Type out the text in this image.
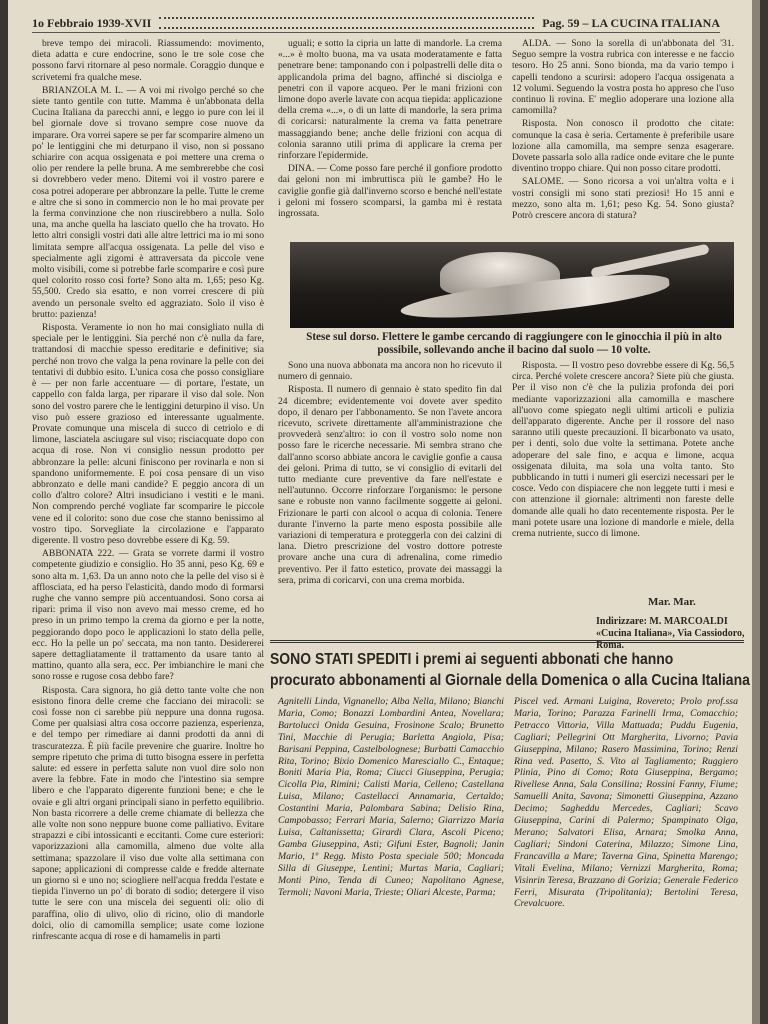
1o Febbraio 1939-XVII	Pag. 59 – LA CUCINA ITALIANA

breve tempo dei miracoli. Riassumendo: movimento, dieta adatta e cure endocrine, sono le tre sole cose che possono farvi ritornare al peso normale. Coraggio dunque e scrivetemi fra qualche mese.

BRIANZOLA M. L. — A voi mi rivolgo perché so che siete tanto gentile con tutte. Mamma è un'abbonata della Cucina Italiana da parecchi anni, e leggo io pure con lei il bel giornale dove si trovano sempre cose nuove da imparare. Ora vorrei sapere se per far scomparire almeno un po' le lentiggini che mi deturpano il viso, non si possano schiarire con acqua ossigenata e poi mettere una crema o olio per rendere la pelle bruna. A me sembrerebbe che così si dovrebbero veder meno. Ditemi voi il vostro parere e cosa potrei adoperare per abbronzare la pelle. Tutte le creme e altre che si sono in commercio non le ho mai provate per la ferma convinzione che non riuscirebbero a nulla. Solo una, ma anche quella ha lasciato quello che ha trovato. Ho letto altri consigli vostri dati alle altre lettrici ma io mi sono limitata sempre all'acqua ossigenata. La pelle del viso e specialmente agli zigomi è attraversata da piccole vene molto visibili, come si potrebbe farle scomparire e così pure quel colorito rosso così forte? Sono alta m. 1,65; peso Kg. 55,500. Credo sia esatto, e non vorrei crescere di più avendo un personale svelto ed aggraziato. Solo il viso è brutto: pazienza!

Risposta. Veramente io non ho mai consigliato nulla di speciale per le lentiggini. Sia perché non c'è nulla da fare, trattandosi di macchie spesso ereditarie e definitive; sia perché non trovo che valga la pena rovinare la pelle con dei tentativi di dubbio esito. L'unica cosa che posso consigliare è — per non farle accentuare — di portare, l'estate, un cappello con falda larga, per riparare il viso dal sole. Non sono del vostro parere che le lentiggini deturpino il viso. Un viso può essere grazioso ed interessante ugualmente. Provate comunque una miscela di succo di cetriolo e di limone, lasciatela asciugare sul viso; risciacquate dopo con acqua di rose. Non vi consiglio nessun prodotto per abbronzare la pelle: alcuni finiscono per rovinarla e non si spandono uniformemente. E poi cosa pensare di un viso abbronzato e delle mani candide? E peggio ancora di un collo d'altro colore? Altri insudiciano i vestiti e le mani. Non comprendo perché vogliate far scomparire le piccole vene ed il colorito: sono due cose che stanno benissimo al vostro tipo. Sorvegliate la circolazione e l'apparato digerente. Il vostro peso dovrebbe essere di Kg. 59.

ABBONATA 222. — Grata se vorrete darmi il vostro competente giudizio e consiglio. Ho 35 anni, peso Kg. 69 e sono alta m. 1,63. Da un anno noto che la pelle del viso si è afflosciata, ed ha perso l'elasticità, dando modo di formarsi rughe che vanno sempre più accentuandosi. Sono corsa ai ripari: prima il viso non avevo mai messo creme, ed ho preso in un primo tempo la crema da giorno e per la notte, peggiorando dopo poco le applicazioni lo stato della pelle, ecc. Ho la pelle un po' seccata, ma non tanto. Desidererei sapere dettagliatamente il trattamento da usare tanto al mattino, quanto alla sera, ecc. Per imbianchire le mani che sono rosse e rugose cosa debbo fare?

Risposta. Cara signora, ho già detto tante volte che non esistono finora delle creme che facciano dei miracoli: se così fosse non ci sarebbe più neppure una donna rugosa. Come per qualsiasi altra cosa occorre pazienza, esperienza, e del tempo per rimediare ai danni prodotti da anni di trascuratezza. È più facile prevenire che guarire. Inoltre ho sempre ripetuto che prima di tutto bisogna essere in perfetta salute: ed essere in perfetta salute non vuol dire solo non avere la febbre. Fate in modo che l'intestino sia sempre libero e che l'apparato digerente funzioni bene; e che le ovaie e gli altri organi principali siano in perfetto equilibrio. Non basta ricorrere a delle creme chiamate di bellezza che alle volte non sono neppure buone come palliativo. Evitare strapazzi e cibi intossicanti e eccitanti. Come cure esteriori: vaporizzazioni alla camomilla, almeno due volte alla settimana; spazzolare il viso due volte alla settimana con sapone; applicazioni di compresse calde e fredde alternate un giorno sì e uno no; sciogliere nell'acqua fredda l'estate e tiepida l'inverno un po' di borato di sodio; detergere il viso tutte le sere con una miscela dei seguenti oli: olio di paraffina, olio di ulivo, olio di ricino, olio di mandorle dolci, olio di camomilla semplice; usate come lozione rinfrescante acqua di rose e di hamamelis in parti

uguali; e sotto la cipria un latte di mandorle. La crema «...» è molto buona, ma va usata moderatamente e fatta penetrare bene: tamponando con i polpastrelli delle dita o applicandola prima del bagno, affinché si disciolga e penetri con il vapore acqueo. Per le mani frizioni con limone dopo averle lavate con acqua tiepida: applicazione della crema «...», o di un latte di mandorle, la sera prima di coricarsi: naturalmente la crema va fatta penetrare massaggiando bene; anche delle frizioni con acqua di colonia saranno utili prima di applicare la crema per rinforzare l'epidermide.

DINA. — Come posso fare perché il gonfiore prodotto dai geloni non mi imbruttisca più le gambe? Ho le caviglie gonfie già dall'inverno scorso e benché nell'estate i geloni mi fossero scomparsi, la gamba mi è restata ingrossata.

ALDA. — Sono la sorella di un'abbonata del '31. Seguo sempre la vostra rubrica con interesse e ne faccio tesoro. Ho 25 anni. Sono bionda, ma da vario tempo i capelli tendono a scurirsi: adopero l'acqua ossigenata a 12 volumi. Seguendo la vostra posta ho appreso che l'uso continuo li rovina. E' meglio adoperare una lozione alla camomilla?

Risposta. Non conosco il prodotto che citate: comunque la casa è seria. Certamente è preferibile usare lozione alla camomilla, ma sempre senza esagerare. Dovete passarla solo alla radice onde evitare che le punte diventino troppo chiare. Qui non posso citare prodotti.

SALOME. — Sono ricorsa a voi un'altra volta e i vostri consigli mi sono stati preziosi! Ho 15 anni e mezzo, sono alta m. 1,61; peso Kg. 54. Sono giusta? Potrò crescere ancora di statura?

Stese sul dorso. Flettere le gambe cercando di raggiungere con le ginocchia il più in alto possibile, sollevando anche il bacino dal suolo — 10 volte.

Sono una nuova abbonata ma ancora non ho ricevuto il numero di gennaio.

Risposta. Il numero di gennaio è stato spedito fin dal 24 dicembre; evidentemente voi dovete aver spedito dopo, il denaro per l'abbonamento. Se non l'avete ancora ricevuto, scrivete direttamente all'amministrazione che provvederà senz'altro: io con il vostro solo nome non posso fare le ricerche necessarie. Mi sembra strano che dall'anno scorso abbiate ancora le caviglie gonfie a causa dei geloni. Prima di tutto, se vi consiglio di evitarli del tutto mediante cure preventive da fare nell'estate e nell'autunno. Occorre rinforzare l'organismo: le persone sane e robuste non vanno facilmente soggette ai geloni. Frizionare le parti con alcool o acqua di colonia. Tenere durante l'inverno la parte meno esposta possibile alle variazioni di temperatura e proteggerla con dei calzini di lana. Dietro prescrizione del vostro dottore potreste provare anche una cura di adrenalina, come rimedio preventivo. Per il fatto estetico, provate dei massaggi la sera, prima di coricarvi, con una crema morbida.

Risposta. — Il vostro peso dovrebbe essere di Kg. 56,5 circa. Perché volete crescere ancora? Siete più che giusta. Per il viso non c'è che la pulizia profonda dei pori mediante vaporizzazioni alla camomilla e maschere all'uovo come spiegato negli ultimi articoli e pulizia dell'apparato digerente. Anche per il rossore del naso saranno utili queste precauzioni. Il bicarbonato va usato, per i denti, solo due volte la settimana. Potete anche adoperare del sale fino, e acqua e limone, acqua ossigenata diluita, ma sola una volta tanto. Sto pubblicando in tutti i numeri gli esercizi necessari per le cosce. Vedo con dispiacere che non leggete tutti i mesi e con attenzione il giornale: altrimenti non fareste delle domande alle quali ho dato recentemente risposta. Per le mani potete usare una lozione di mandorle e miele, della crema nutriente, succo di limone.

Mar. Mar.
Indirizzare: M. MARCOALDI «Cucina Italiana», Via Cassiodoro, Roma.
SONO STATI SPEDITI i premi ai seguenti abbonati che hanno
procurato abbonamenti al Giornale della Domenica o alla Cucina Italiana
Agnitelli Linda, Vignanello; Alba Nella, Milano; Bianchi Maria, Como; Bonazzi Lombardini Antea, Novellara; Bartolucci Onida Gesuina, Frosinone Scalo; Brunetto Tini, Macchie di Perugia; Barletta Angiola, Pisa; Barisani Peppina, Castelbolognese; Burbatti Camacchio Rita, Torino; Bixio Domenico Maresciallo C., Entaque; Boniti Maria Pia, Roma; Ciucci Giuseppina, Perugia; Cicolla Pia, Rimini; Calisti Maria, Celleno; Castellana Luisa, Milano; Castellacci Annamaria, Certaldo; Costantini Maria, Palombara Sabina; Delisio Rina, Campobasso; Ferrari Maria, Salerno; Giarrizzo Maria Luisa, Caltanissetta; Girardi Clara, Ascoli Piceno; Gamba Giuseppina, Asti; Gifuni Ester, Bagnoli; Janin Mario, 1º Regg. Misto Posta speciale 500; Moncada Silla di Giuseppe, Lentini; Murtas Maria, Cagliari; Monti Pino, Tenda di Cuneo; Napolitano Agnese, Termoli; Navoni Maria, Trieste; Oliari Alceste, Parma;
Piscel ved. Armani Luigina, Rovereto; Prolo prof.ssa Maria, Torino; Parazza Farinelli Irma, Comacchio; Petracco Vittoria, Villa Mattuada; Puddu Eugenia, Cagliari; Pellegrini Ott Margherita, Livorno; Pavia Giuseppina, Milano; Rasero Massimina, Torino; Renzi Rina ved. Pasetto, S. Vito al Tagliamento; Ruggiero Plinia, Pino di Como; Rota Giuseppina, Bergamo; Rivellese Anna, Sala Consilina; Rossini Fanny, Fiume; Samuelli Anita, Savona; Simonetti Giuseppina, Azzano Decimo; Sagheddu Mercedes, Cagliari; Scavo Giuseppina, Carini di Palermo; Spampinato Olga, Merano; Salvatori Elisa, Arnara; Smolka Anna, Cagliari; Sindoni Caterina, Milazzo; Simone Lina, Francavilla a Mare; Taverna Gina, Spinetta Marengo; Vitali Evelina, Milano; Vernizzi Margherita, Roma; Visinrin Teresa, Brazzano di Gorizia; Generale Federico Ferri, Misurata (Tripolitania); Bertolini Teresa, Crevalcuore.
